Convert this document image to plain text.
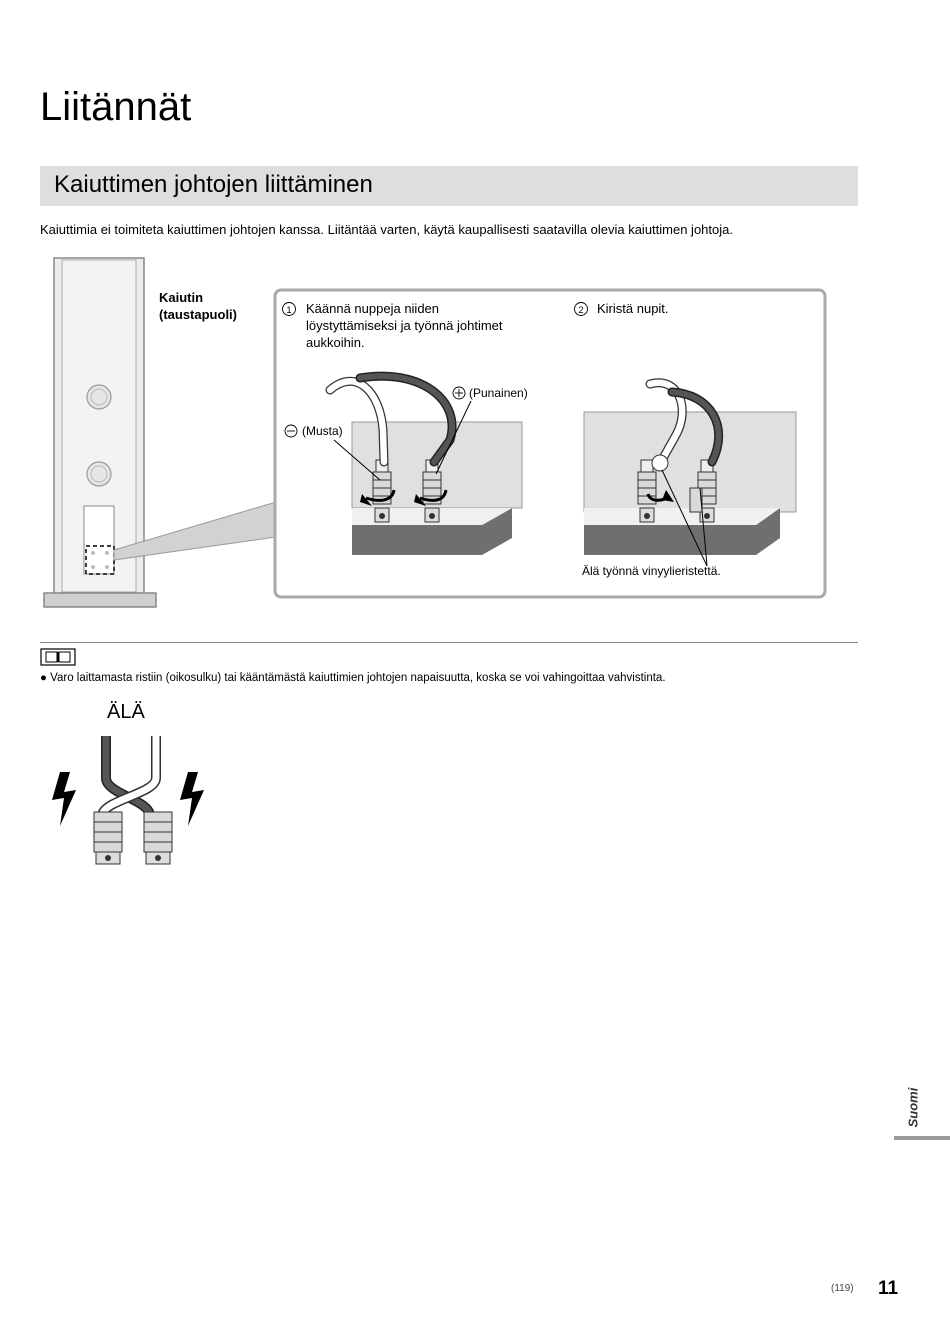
Liitännät
Kaiuttimen johtojen liittäminen
Kaiuttimia ei toimiteta kaiuttimen johtojen kanssa. Liitäntää varten, käytä kaupallisesti saatavilla olevia kaiuttimen johtoja.
Kaiutin
(taustapuoli)	1 Käännä nuppeja niiden
löystyttämiseksi ja työnnä johtimet
aukkoihin.
2 Kiristä nupit.
(Punainen)
(Musta)
Älä työnnä vinyylieristettä.
● Varo laittamasta ristiin (oikosulku) tai kääntämästä kaiuttimien johtojen napaisuutta, koska se voi vahingoittaa vahvistinta.
ÄLÄ
Suomi
(119) 11
